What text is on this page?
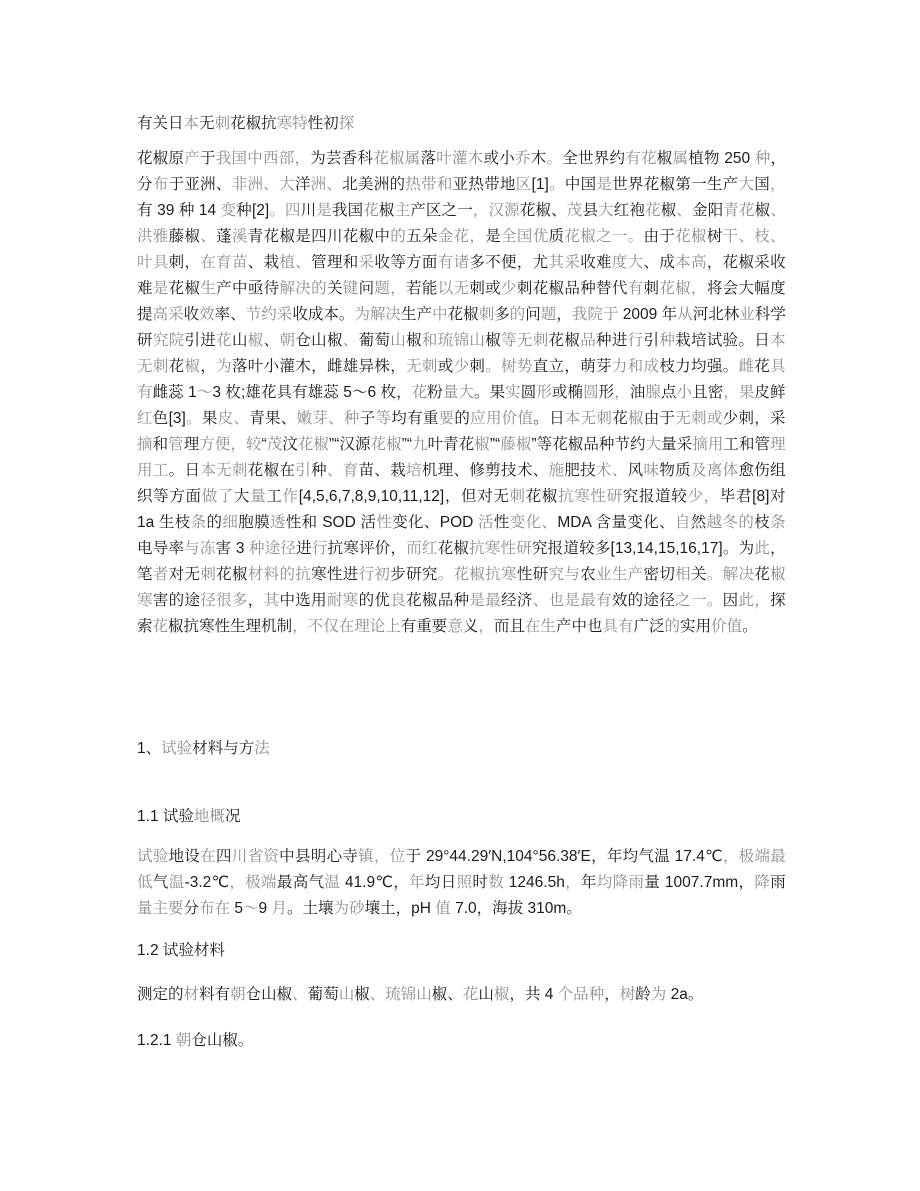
有关日本无刺花椒抗寒特性初探

花椒原产于我国中西部，为芸香科花椒属落叶灌木或小乔木。全世界约有花椒属植物 250 种，分布于亚洲、非洲、大洋洲、北美洲的热带和亚热带地区[1]。中国是世界花椒第一生产大国，有 39 种 14 变种[2]。四川是我国花椒主产区之一，汉源花椒、茂县大红袍花椒、金阳青花椒、洪雅藤椒、蓬溪青花椒是四川花椒中的五朵金花，是全国优质花椒之一。由于花椒树干、枝、叶具刺，在育苗、栽植、管理和采收等方面有诸多不便，尤其采收难度大、成本高，花椒采收难是花椒生产中亟待解决的关键问题，若能以无刺或少刺花椒品种替代有刺花椒，将会大幅度提高采收效率、节约采收成本。为解决生产中花椒刺多的问题，我院于 2009 年从河北林业科学研究院引进花山椒、朝仓山椒、葡萄山椒和琉锦山椒等无刺花椒品种进行引种栽培试验。日本无刺花椒，为落叶小灌木，雌雄异株，无刺或少刺。树势直立，萌芽力和成枝力均强。雌花具有雌蕊 1〜3 枚;雄花具有雄蕊 5〜6 枚，花粉量大。果实圆形或椭圆形，油腺点小且密，果皮鲜红色[3]。果皮、青果、嫩芽、种子等均有重要的应用价值。日本无刺花椒由于无刺或少刺，采摘和管理方便，较“茂汶花椒”“汉源花椒”“九叶青花椒”“藤椒”等花椒品种节约大量采摘用工和管理用工。日本无刺花椒在引种、育苗、栽培机理、修剪技术、施肥技术、风味物质及离体愈伤组织等方面做了大量工作[4,5,6,7,8,9,10,11,12]，但对无刺花椒抗寒性研究报道较少，毕君[8]对 1a 生枝条的细胞膜透性和 SOD 活性变化、POD 活性变化、MDA 含量变化、自然越冬的枝条电导率与冻害 3 种途径进行抗寒评价，而红花椒抗寒性研究报道较多[13,14,15,16,17]。为此，笔者对无刺花椒材料的抗寒性进行初步研究。花椒抗寒性研究与农业生产密切相关。解决花椒寒害的途径很多，其中选用耐寒的优良花椒品种是最经济、也是最有效的途径之一。因此，探索花椒抗寒性生理机制，不仅在理论上有重要意义，而且在生产中也具有广泛的实用价值。

1、试验材料与方法
1.1 试验地概况

试验地设在四川省资中县明心寺镇，位于 29°44.29′N,104°56.38′E，年均气温 17.4℃，极端最低气温-3.2℃，极端最高气温 41.9℃，年均日照时数 1246.5h，年均降雨量 1007.7mm，降雨量主要分布在 5〜9 月。土壤为砂壤土，pH 值 7.0，海拔 310m。

1.2 试验材料

测定的材料有朝仓山椒、葡萄山椒、琉锦山椒、花山椒，共 4 个品种，树龄为 2a。

1.2.1 朝仓山椒。
